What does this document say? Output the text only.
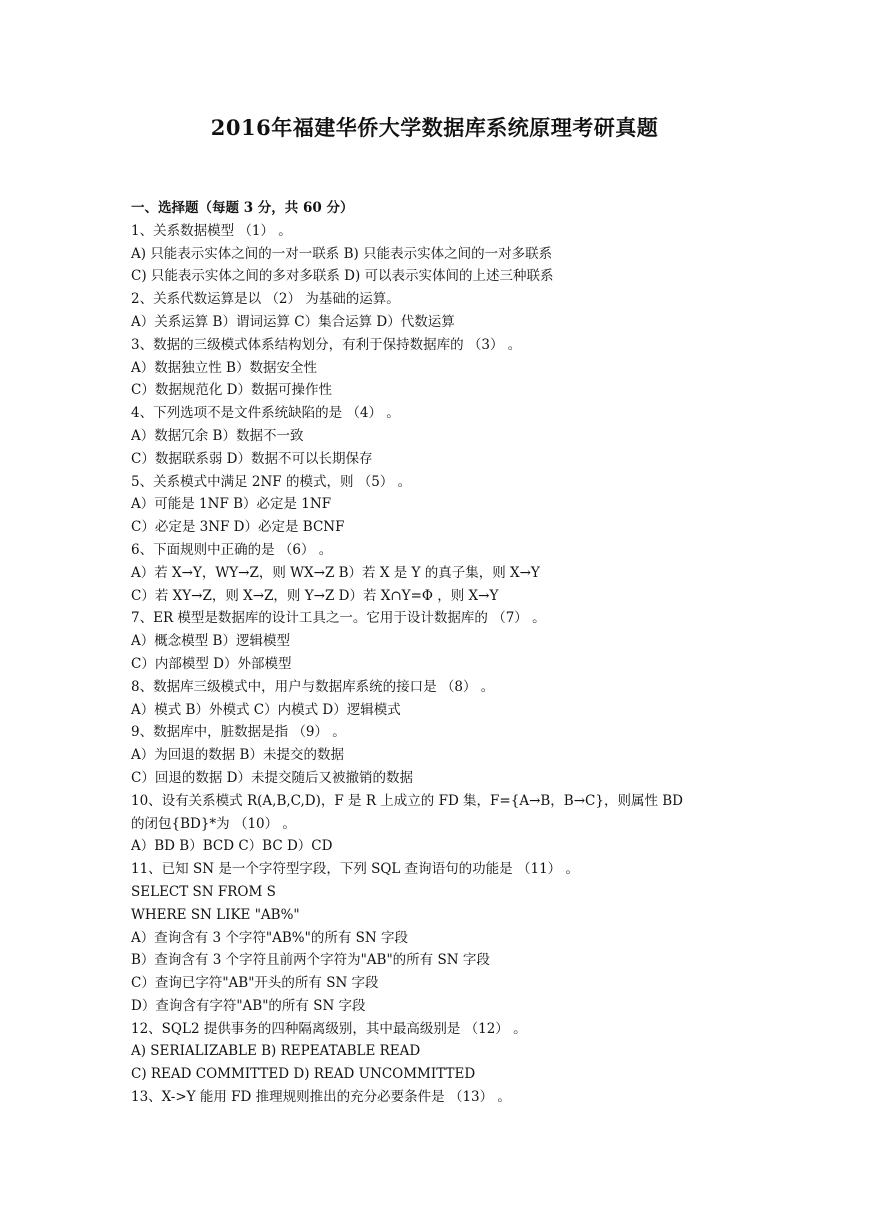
2016年福建华侨大学数据库系统原理考研真题
一、选择题（每题 3 分，共 60 分）
1、关系数据模型 （1） 。
A) 只能表示实体之间的一对一联系 B) 只能表示实体之间的一对多联系
C) 只能表示实体之间的多对多联系 D) 可以表示实体间的上述三种联系
2、关系代数运算是以 （2） 为基础的运算。
A）关系运算 B）谓词运算 C）集合运算 D）代数运算
3、数据的三级模式体系结构划分，有利于保持数据库的 （3） 。
A）数据独立性 B）数据安全性
C）数据规范化 D）数据可操作性
4、下列选项不是文件系统缺陷的是 （4） 。
A）数据冗余 B）数据不一致
C）数据联系弱 D）数据不可以长期保存
5、关系模式中满足 2NF 的模式，则 （5） 。
A）可能是 1NF B）必定是 1NF
C）必定是 3NF D）必定是 BCNF
6、下面规则中正确的是 （6） 。
A）若 X→Y，WY→Z，则 WX→Z B）若 X 是 Y 的真子集，则 X→Y
C）若 XY→Z，则 X→Z，则 Y→Z D）若 X∩Y=Φ ，则 X→Y
7、ER 模型是数据库的设计工具之一。它用于设计数据库的 （7） 。
A）概念模型 B）逻辑模型
C）内部模型 D）外部模型
8、数据库三级模式中，用户与数据库系统的接口是 （8） 。
A）模式 B）外模式 C）内模式 D）逻辑模式
9、数据库中，脏数据是指 （9） 。
A）为回退的数据 B）未提交的数据
C）回退的数据 D）未提交随后又被撤销的数据
10、设有关系模式 R(A,B,C,D)，F 是 R 上成立的 FD 集，F={A→B，B→C}，则属性 BD
的闭包{BD}*为 （10） 。
A）BD B）BCD C）BC D）CD
11、已知 SN 是一个字符型字段，下列 SQL 查询语句的功能是 （11） 。
SELECT SN FROM S
WHERE SN LIKE "AB%"
A）查询含有 3 个字符"AB%"的所有 SN 字段
B）查询含有 3 个字符且前两个字符为"AB"的所有 SN 字段
C）查询已字符"AB"开头的所有 SN 字段
D）查询含有字符"AB"的所有 SN 字段
12、SQL2 提供事务的四种隔离级别，其中最高级别是 （12） 。
A) SERIALIZABLE B) REPEATABLE READ
C) READ COMMITTED D) READ UNCOMMITTED
13、X->Y 能用 FD 推理规则推出的充分必要条件是 （13） 。
